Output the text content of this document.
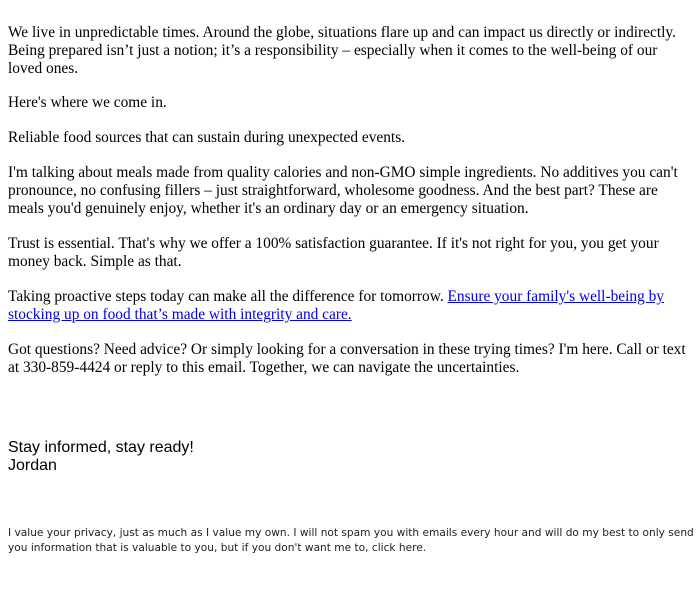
We live in unpredictable times. Around the globe, situations flare up and can impact us directly or indirectly. Being prepared isn’t just a notion; it’s a responsibility – especially when it comes to the well-being of our loved ones.

Here's where we come in.

Reliable food sources that can sustain during unexpected events.

I'm talking about meals made from quality calories and non-GMO simple ingredients. No additives you can't pronounce, no confusing fillers – just straightforward, wholesome goodness. And the best part? These are meals you'd genuinely enjoy, whether it's an ordinary day or an emergency situation.

Trust is essential. That's why we offer a 100% satisfaction guarantee. If it's not right for you, you get your money back. Simple as that.

Taking proactive steps today can make all the difference for tomorrow. Ensure your family's well-being by stocking up on food that’s made with integrity and care.

Got questions? Need advice? Or simply looking for a conversation in these trying times? I'm here. Call or text at 330-859-4424 or reply to this email. Together, we can navigate the uncertainties.

Stay informed, stay ready!
Jordan
I value your privacy, just as much as I value my own. I will not spam you with emails every hour and will do my best to only send you information that is valuable to you, but if you don't want me to, click here.
